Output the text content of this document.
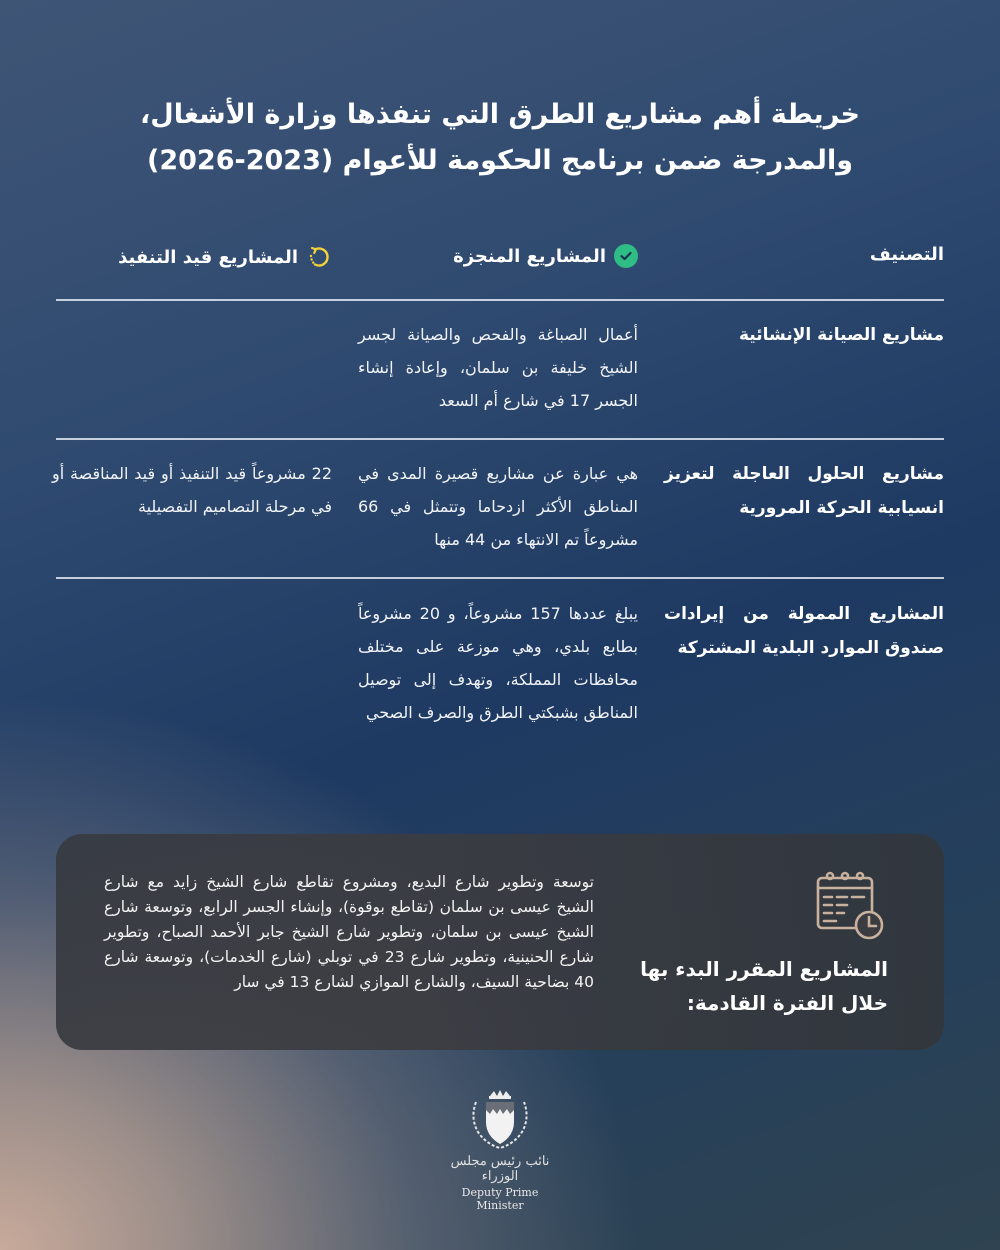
خريطة أهم مشاريع الطرق التي تنفذها وزارة الأشغال،
والمدرجة ضمن برنامج الحكومة للأعوام (2023-2026)
التصنيف
المشاريع المنجزة
المشاريع قيد التنفيذ
مشاريع الصيانة الإنشائية
أعمال الصباغة والفحص والصيانة لجسر الشيخ خليفة بن سلمان، وإعادة إنشاء الجسر 17 في شارع أم السعد
مشاريع الحلول العاجلة لتعزيز انسيابية الحركة المرورية
هي عبارة عن مشاريع قصيرة المدى في المناطق الأكثر ازدحاما وتتمثل في 66 مشروعاً تم الانتهاء من 44 منها
22 مشروعاً قيد التنفيذ أو قيد المناقصة أو في مرحلة التصاميم التفصيلية
المشاريع الممولة من إيرادات صندوق الموارد البلدية المشتركة
يبلغ عددها 157 مشروعاً، و 20 مشروعاً بطابع بلدي، وهي موزعة على مختلف محافظات المملكة، وتهدف إلى توصيل المناطق بشبكتي الطرق والصرف الصحي
المشاريع المقرر البدء بها خلال الفترة القادمة:
توسعة وتطوير شارع البديع، ومشروع تقاطع شارع الشيخ زايد مع شارع الشيخ عيسى بن سلمان (تقاطع بوقوة)، وإنشاء الجسر الرابع، وتوسعة شارع الشيخ عيسى بن سلمان، وتطوير شارع الشيخ جابر الأحمد الصباح، وتطوير شارع الحنينية، وتطوير شارع 23 في توبلي (شارع الخدمات)، وتوسعة شارع 40 بضاحية السيف، والشارع الموازي لشارع 13 في سار
نائب رئيس مجلس الوزراء
Deputy Prime Minister
